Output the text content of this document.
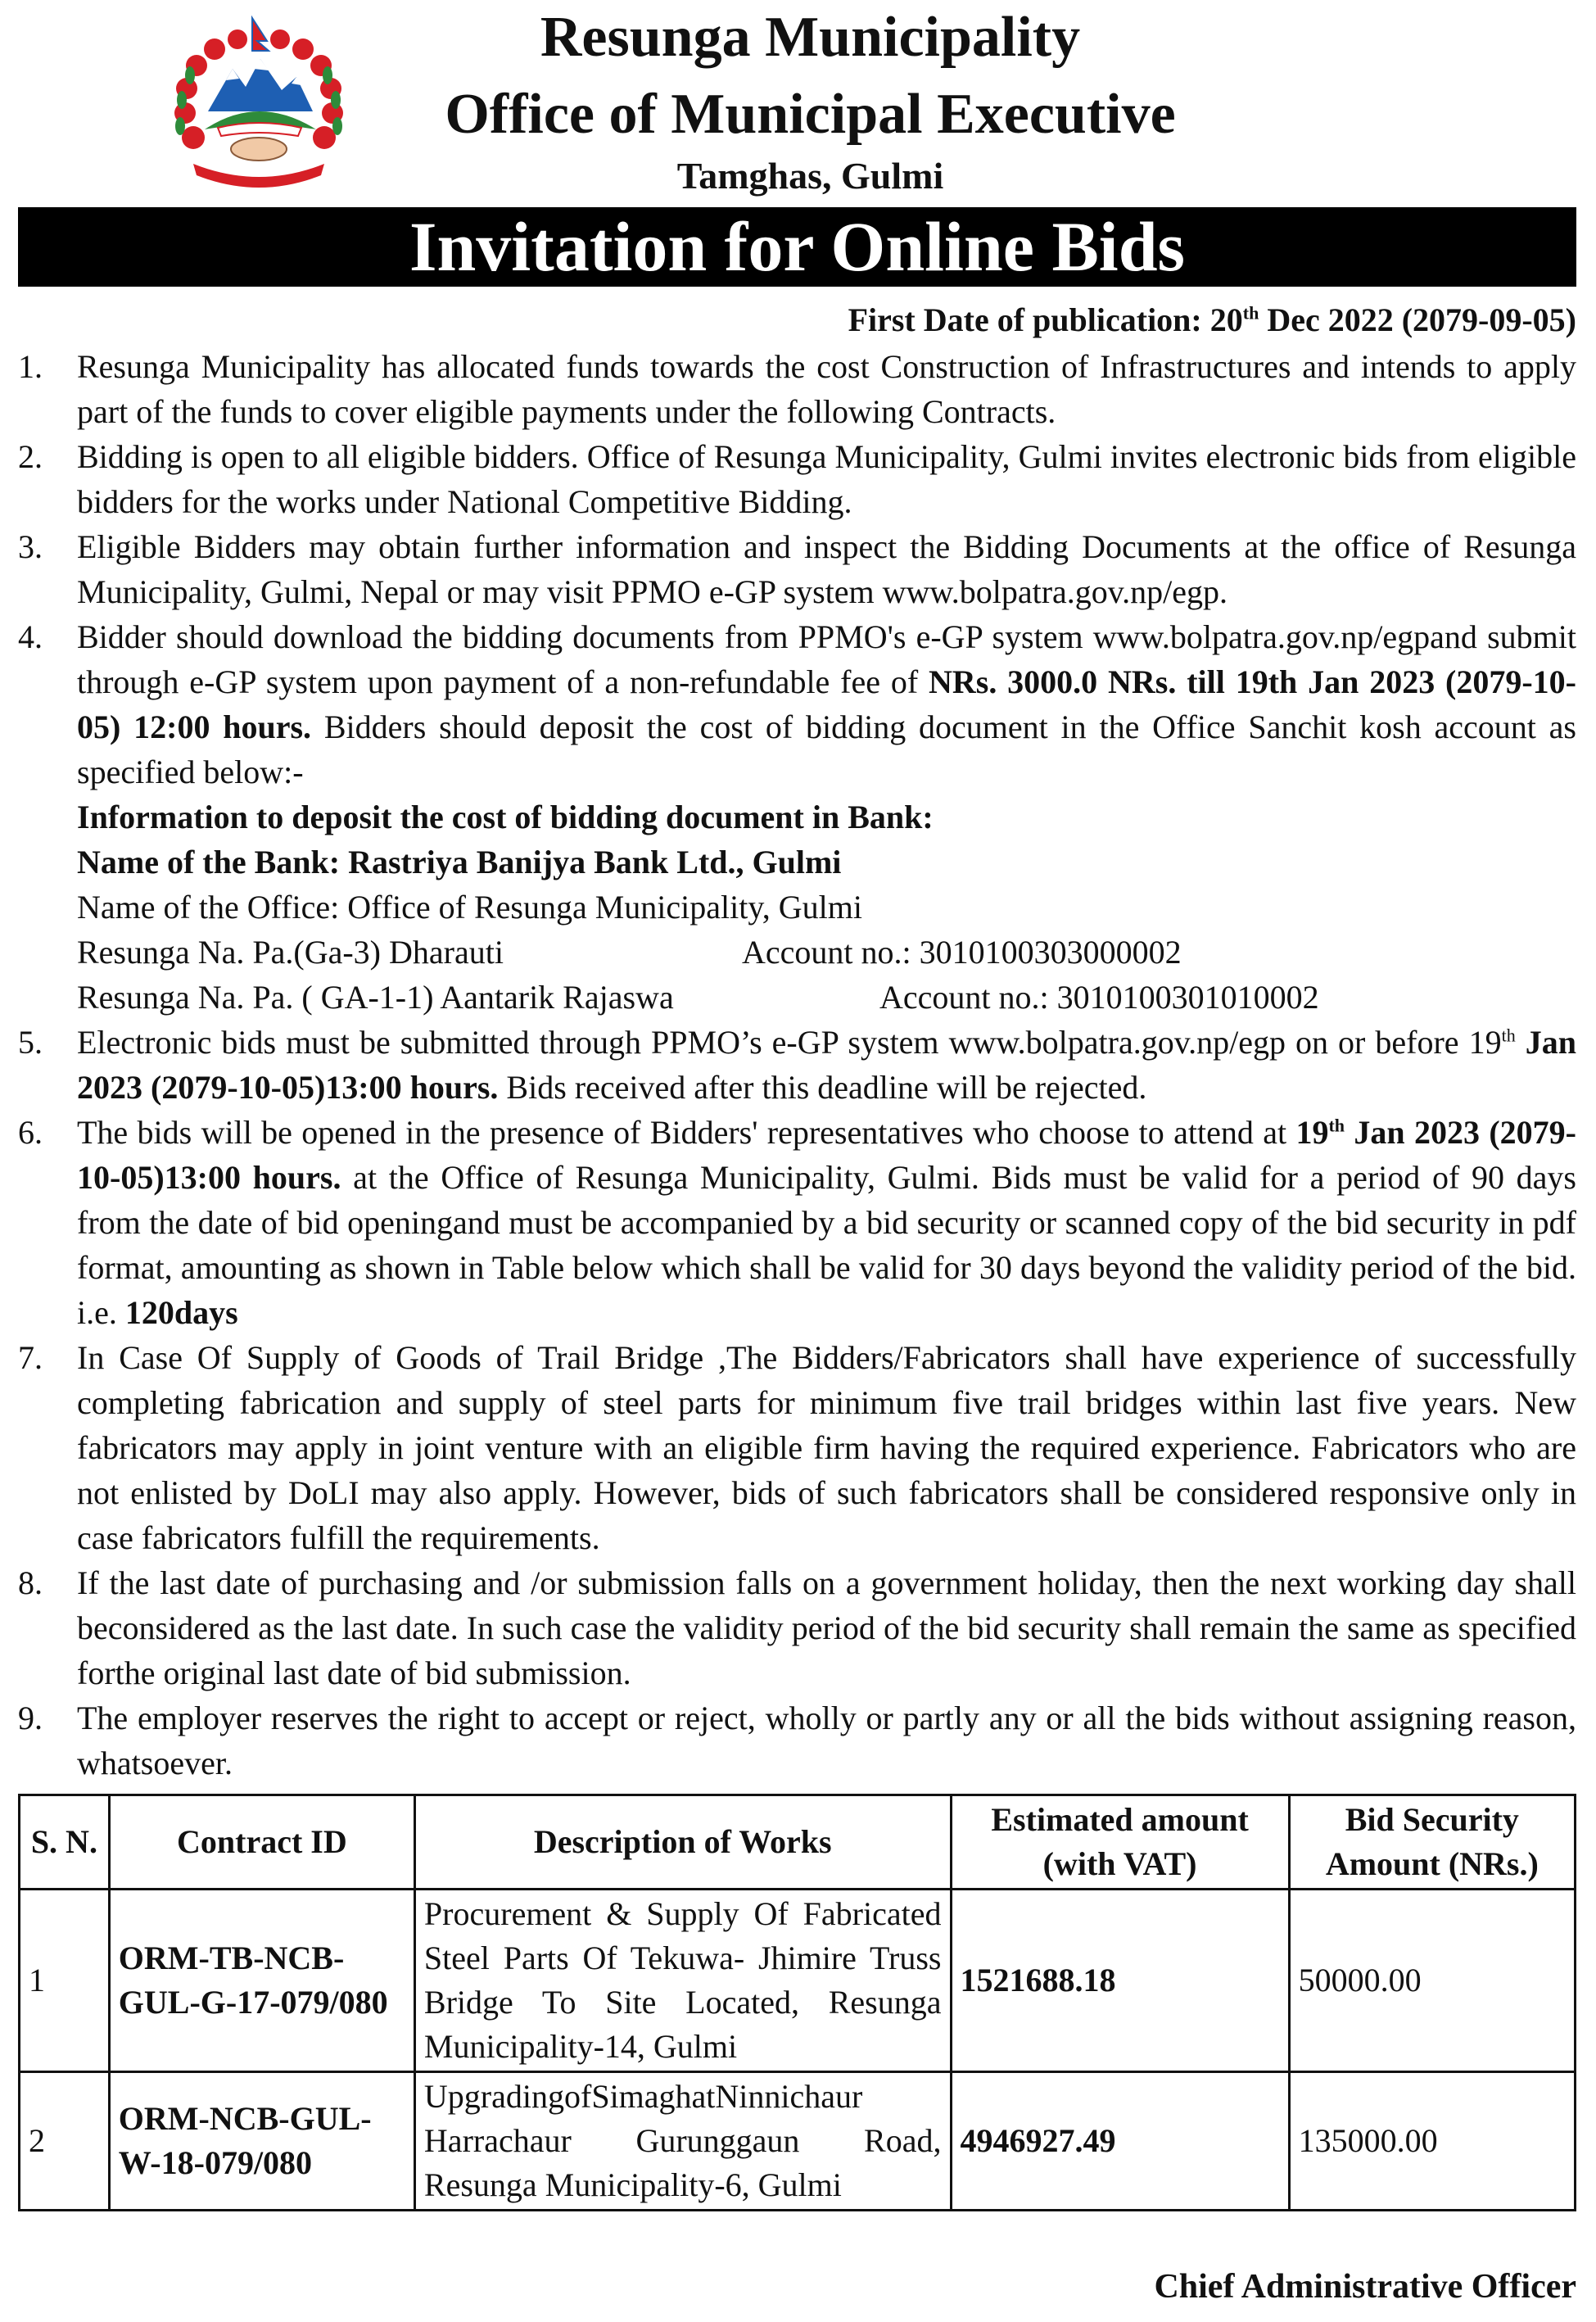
Resunga Municipality
Office of Municipal Executive
Tamghas, Gulmi
Invitation for Online Bids
First Date of publication: 20th Dec 2022 (2079-09-05)
1.	Resunga Municipality has allocated funds towards the cost Construction of Infrastructures and intends to apply part of the funds to cover eligible payments under the following Contracts.
2.	Bidding is open to all eligible bidders. Office of Resunga Municipality, Gulmi invites electronic bids from eligible bidders for the works under National Competitive Bidding.
3.	Eligible Bidders may obtain further information and inspect the Bidding Documents at the office of Resunga Municipality, Gulmi, Nepal or may visit PPMO e-GP system www.bolpatra.gov.np/egp.
4.	Bidder should download the bidding documents from PPMO's e-GP system www.bolpatra.gov.np/egpand submit through e-GP system upon payment of a non-refundable fee of NRs. 3000.0 NRs. till 19th Jan 2023 (2079-10-05) 12:00 hours. Bidders should deposit the cost of bidding document in the Office Sanchit kosh account as specified below:-
Information to deposit the cost of bidding document in Bank:
Name of the Bank: Rastriya Banijya Bank Ltd., Gulmi
Name of the Office: Office of Resunga Municipality, Gulmi
Resunga Na. Pa.(Ga-3) Dharauti	Account no.: 3010100303000002
Resunga Na. Pa. ( GA-1-1) Aantarik Rajaswa	Account no.: 3010100301010002
5.	Electronic bids must be submitted through PPMO’s e-GP system www.bolpatra.gov.np/egp on or before 19th Jan 2023 (2079-10-05)13:00 hours. Bids received after this deadline will be rejected.
6.	The bids will be opened in the presence of Bidders' representatives who choose to attend at 19th Jan 2023 (2079-10-05)13:00 hours. at the Office of Resunga Municipality, Gulmi. Bids must be valid for a period of 90 days from the date of bid openingand must be accompanied by a bid security or scanned copy of the bid security in pdf format, amounting as shown in Table below which shall be valid for 30 days beyond the validity period of the bid. i.e. 120days
7.	In Case Of Supply of Goods of Trail Bridge ,The Bidders/Fabricators shall have experience of successfully completing fabrication and supply of steel parts for minimum five trail bridges within last five years. New fabricators may apply in joint venture with an eligible firm having the required experience. Fabricators who are not enlisted by DoLI may also apply. However, bids of such fabricators shall be considered responsive only in case fabricators fulfill the requirements.
8.	If the last date of purchasing and /or submission falls on a government holiday, then the next working day shall beconsidered as the last date. In such case the validity period of the bid security shall remain the same as specified forthe original last date of bid submission.
9.	The employer reserves the right to accept or reject, wholly or partly any or all the bids without assigning reason, whatsoever.
S. N.	Contract ID	Description of Works	Estimated amount (with VAT)	Bid Security Amount (NRs.)
1	ORM-TB-NCB-GUL-G-17-079/080	Procurement & Supply Of Fabricated Steel Parts Of Tekuwa- Jhimire Truss Bridge To Site Located, Resunga Municipality-14, Gulmi	1521688.18	50000.00
2	ORM-NCB-GUL-W-18-079/080	UpgradingofSimaghatNinnichaur Harrachaur Gurunggaun Road, Resunga Municipality-6, Gulmi	4946927.49	135000.00
Chief Administrative Officer
